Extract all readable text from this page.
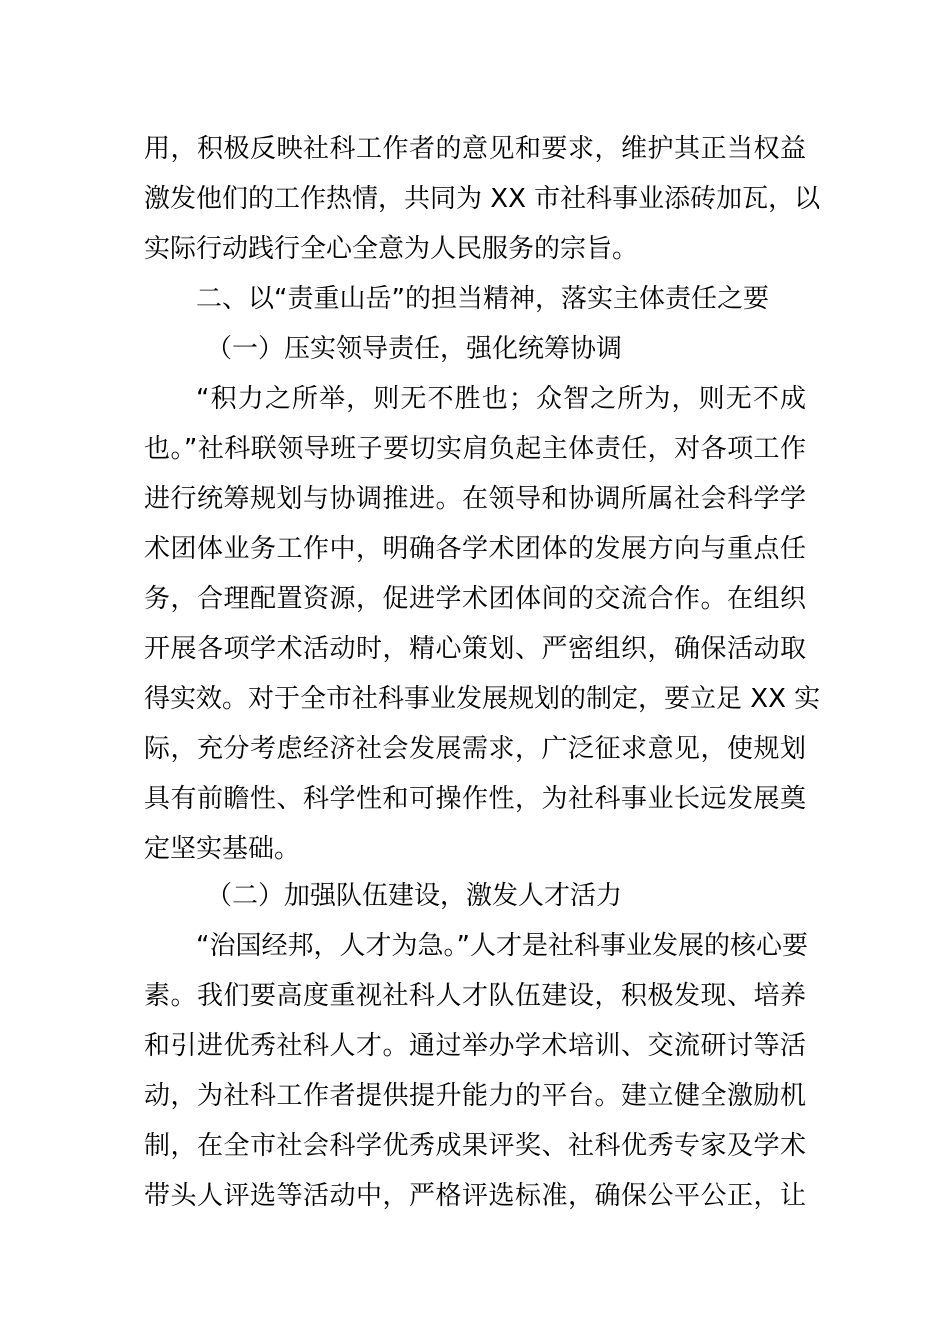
用，积极反映社科工作者的意见和要求，维护其正当权益
激发他们的工作热情，共同为 XX 市社科事业添砖加瓦，以
实际行动践行全心全意为人民服务的宗旨。
二、以“责重山岳”的担当精神，落实主体责任之要
（一）压实领导责任，强化统筹协调
“积力之所举，则无不胜也；众智之所为，则无不成
也。”社科联领导班子要切实肩负起主体责任，对各项工作
进行统筹规划与协调推进。在领导和协调所属社会科学学
术团体业务工作中，明确各学术团体的发展方向与重点任
务，合理配置资源，促进学术团体间的交流合作。在组织
开展各项学术活动时，精心策划、严密组织，确保活动取
得实效。对于全市社科事业发展规划的制定，要立足 XX 实
际，充分考虑经济社会发展需求，广泛征求意见，使规划
具有前瞻性、科学性和可操作性，为社科事业长远发展奠
定坚实基础。
（二）加强队伍建设，激发人才活力
“治国经邦，人才为急。”人才是社科事业发展的核心要
素。我们要高度重视社科人才队伍建设，积极发现、培养
和引进优秀社科人才。通过举办学术培训、交流研讨等活
动，为社科工作者提供提升能力的平台。建立健全激励机
制，在全市社会科学优秀成果评奖、社科优秀专家及学术
带头人评选等活动中，严格评选标准，确保公平公正，让
